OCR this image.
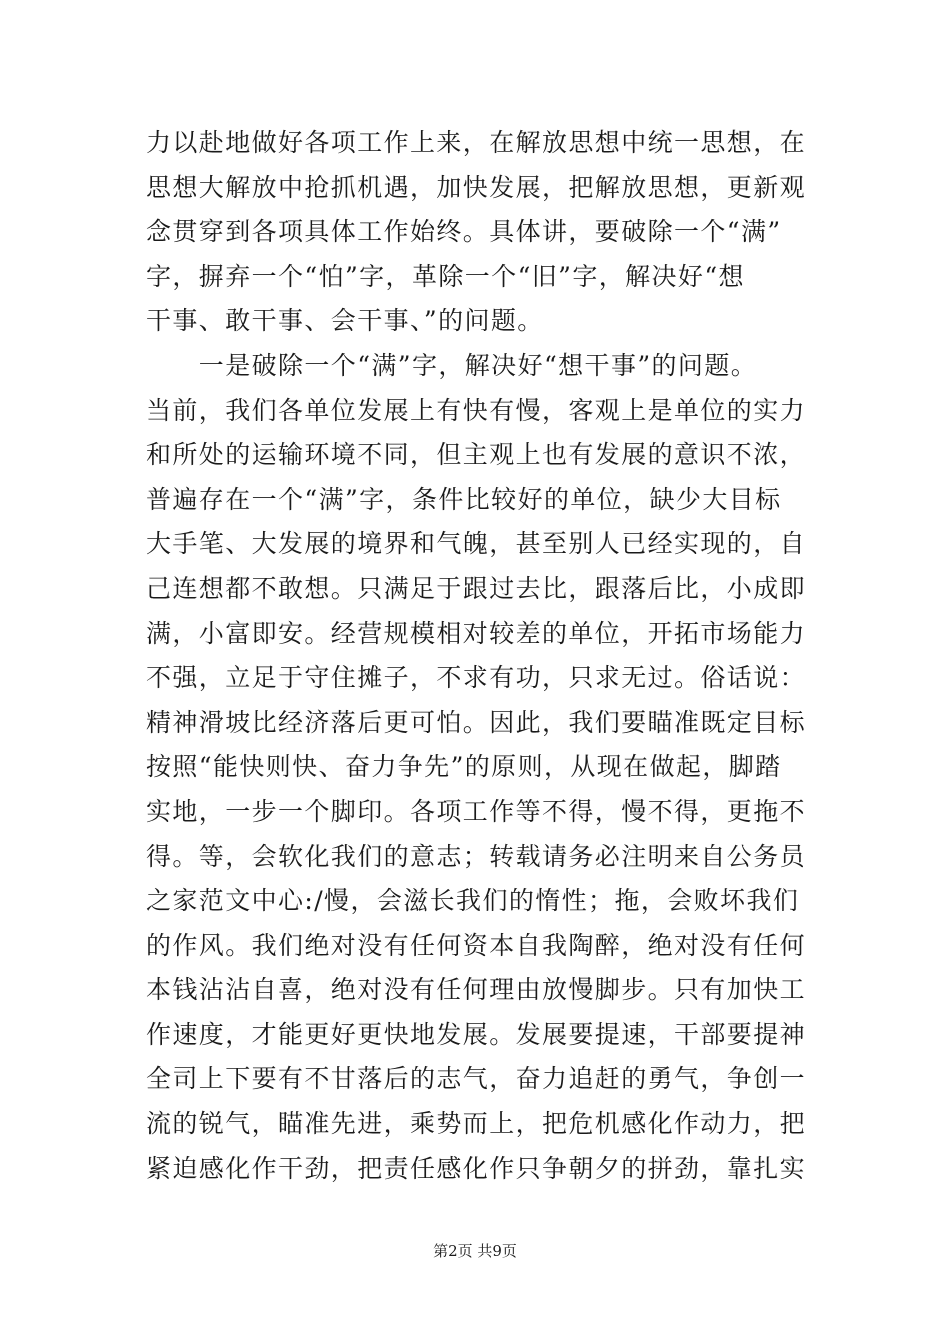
力以赴地做好各项工作上来，在解放思想中统一思想，在
思想大解放中抢抓机遇，加快发展，把解放思想，更新观
念贯穿到各项具体工作始终。具体讲，要破除一个“满”
字，摒弃一个“怕”字，革除一个“旧”字，解决好“想
干事、敢干事、会干事、”的问题。
　　一是破除一个“满”字，解决好“想干事”的问题。
当前，我们各单位发展上有快有慢，客观上是单位的实力
和所处的运输环境不同，但主观上也有发展的意识不浓，
普遍存在一个“满”字，条件比较好的单位，缺少大目标
大手笔、大发展的境界和气魄，甚至别人已经实现的，自
己连想都不敢想。只满足于跟过去比，跟落后比，小成即
满，小富即安。经营规模相对较差的单位，开拓市场能力
不强，立足于守住摊子，不求有功，只求无过。俗话说：
精神滑坡比经济落后更可怕。因此，我们要瞄准既定目标
按照“能快则快、奋力争先”的原则，从现在做起，脚踏
实地，一步一个脚印。各项工作等不得，慢不得，更拖不
得。等，会软化我们的意志；转载请务必注明来自公务员
之家范文中心:/慢，会滋长我们的惰性；拖，会败坏我们
的作风。我们绝对没有任何资本自我陶醉，绝对没有任何
本钱沾沾自喜，绝对没有任何理由放慢脚步。只有加快工
作速度，才能更好更快地发展。发展要提速，干部要提神
全司上下要有不甘落后的志气，奋力追赶的勇气，争创一
流的锐气，瞄准先进，乘势而上，把危机感化作动力，把
紧迫感化作干劲，把责任感化作只争朝夕的拼劲，靠扎实
第2页 共9页
